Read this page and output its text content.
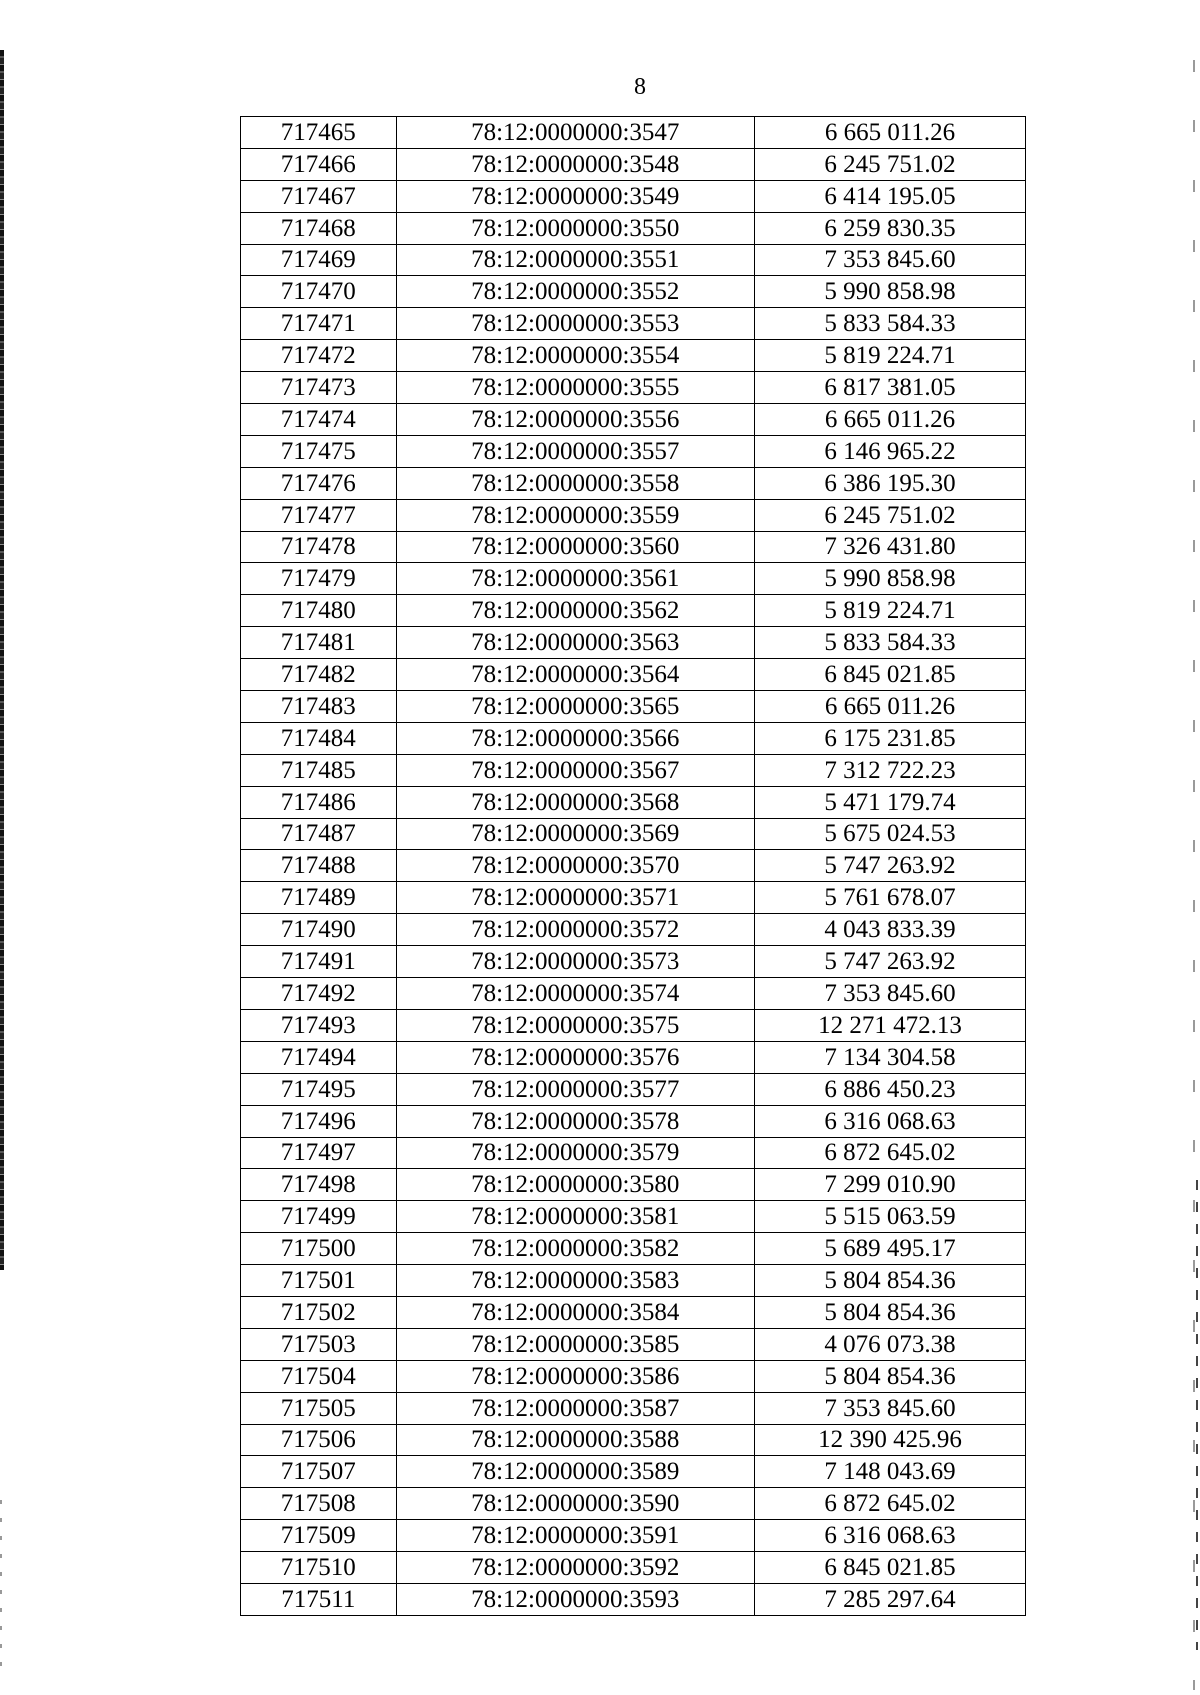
8
717465	78:12:0000000:3547	6 665 011.26
717466	78:12:0000000:3548	6 245 751.02
717467	78:12:0000000:3549	6 414 195.05
717468	78:12:0000000:3550	6 259 830.35
717469	78:12:0000000:3551	7 353 845.60
717470	78:12:0000000:3552	5 990 858.98
717471	78:12:0000000:3553	5 833 584.33
717472	78:12:0000000:3554	5 819 224.71
717473	78:12:0000000:3555	6 817 381.05
717474	78:12:0000000:3556	6 665 011.26
717475	78:12:0000000:3557	6 146 965.22
717476	78:12:0000000:3558	6 386 195.30
717477	78:12:0000000:3559	6 245 751.02
717478	78:12:0000000:3560	7 326 431.80
717479	78:12:0000000:3561	5 990 858.98
717480	78:12:0000000:3562	5 819 224.71
717481	78:12:0000000:3563	5 833 584.33
717482	78:12:0000000:3564	6 845 021.85
717483	78:12:0000000:3565	6 665 011.26
717484	78:12:0000000:3566	6 175 231.85
717485	78:12:0000000:3567	7 312 722.23
717486	78:12:0000000:3568	5 471 179.74
717487	78:12:0000000:3569	5 675 024.53
717488	78:12:0000000:3570	5 747 263.92
717489	78:12:0000000:3571	5 761 678.07
717490	78:12:0000000:3572	4 043 833.39
717491	78:12:0000000:3573	5 747 263.92
717492	78:12:0000000:3574	7 353 845.60
717493	78:12:0000000:3575	12 271 472.13
717494	78:12:0000000:3576	7 134 304.58
717495	78:12:0000000:3577	6 886 450.23
717496	78:12:0000000:3578	6 316 068.63
717497	78:12:0000000:3579	6 872 645.02
717498	78:12:0000000:3580	7 299 010.90
717499	78:12:0000000:3581	5 515 063.59
717500	78:12:0000000:3582	5 689 495.17
717501	78:12:0000000:3583	5 804 854.36
717502	78:12:0000000:3584	5 804 854.36
717503	78:12:0000000:3585	4 076 073.38
717504	78:12:0000000:3586	5 804 854.36
717505	78:12:0000000:3587	7 353 845.60
717506	78:12:0000000:3588	12 390 425.96
717507	78:12:0000000:3589	7 148 043.69
717508	78:12:0000000:3590	6 872 645.02
717509	78:12:0000000:3591	6 316 068.63
717510	78:12:0000000:3592	6 845 021.85
717511	78:12:0000000:3593	7 285 297.64
